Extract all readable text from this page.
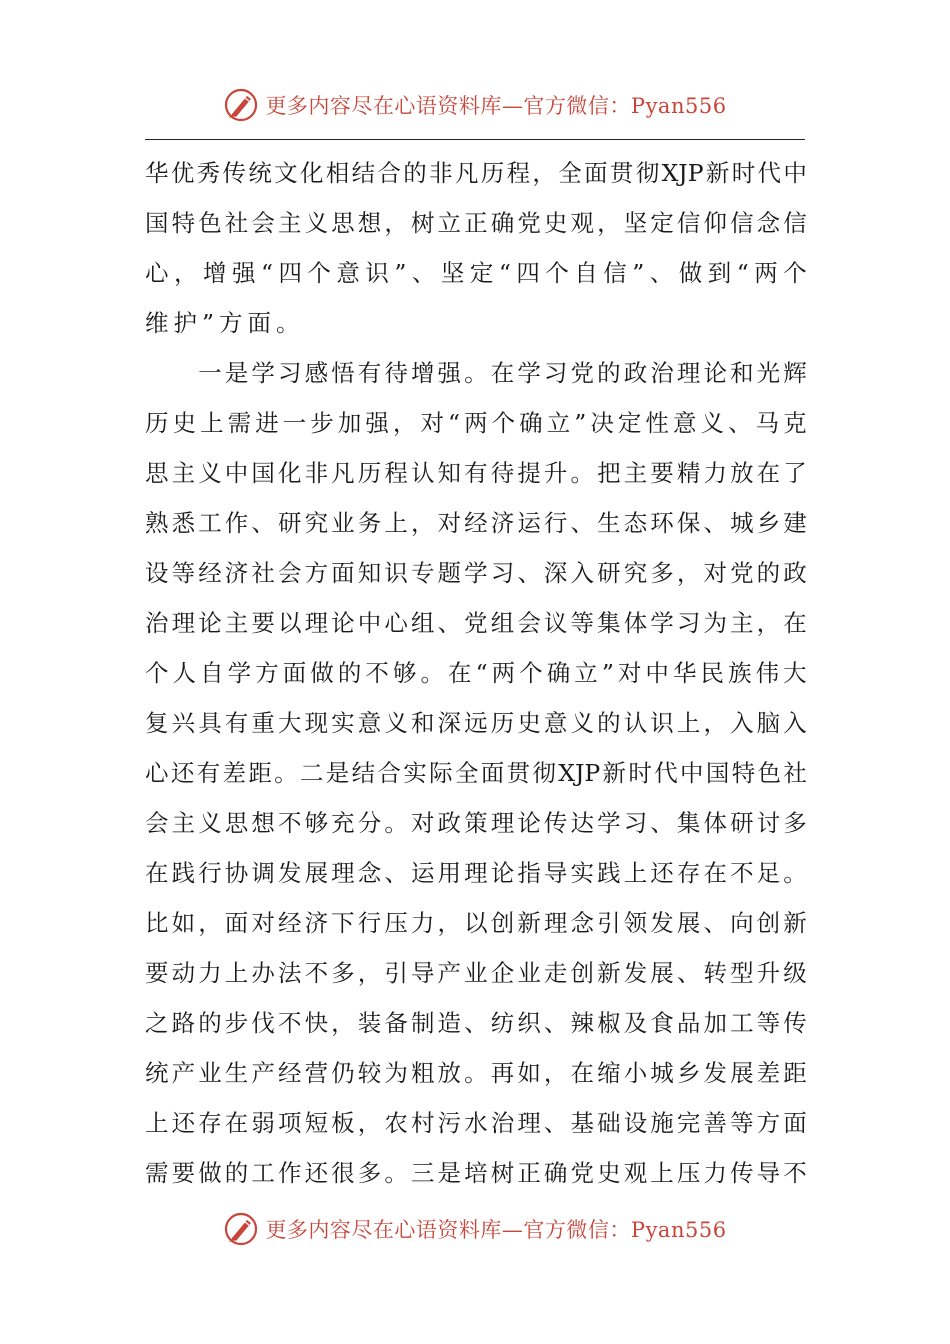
更多内容尽在心语资料库—官方微信：Pyan556
华 优 秀 传 统 文 化 相 结 合 的 非 凡 历 程 ， 全 面 贯 彻 XJP 新 时 代 中
国 特 色 社 会 主 义 思 想 ， 树 立 正 确 党 史 观 ， 坚 定 信 仰 信 念 信
心 ， 增 强 “ 四 个 意 识 ” 、 坚 定 “ 四 个 自 信 ” 、 做 到 “ 两 个
维 护 ” 方 面 。

一 是 学 习 感 悟 有 待 增 强 。 在 学 习 党 的 政 治 理 论 和 光 辉
历 史 上 需 进 一 步 加 强 ， 对 “ 两 个 确 立 ” 决 定 性 意 义 、 马 克
思 主 义 中 国 化 非 凡 历 程 认 知 有 待 提 升 。 把 主 要 精 力 放 在 了
熟 悉 工 作 、 研 究 业 务 上 ， 对 经 济 运 行 、 生 态 环 保 、 城 乡 建
设 等 经 济 社 会 方 面 知 识 专 题 学 习 、 深 入 研 究 多 ， 对 党 的 政
治 理 论 主 要 以 理 论 中 心 组 、 党 组 会 议 等 集 体 学 习 为 主 ， 在
个 人 自 学 方 面 做 的 不 够 。 在 “ 两 个 确 立 ” 对 中 华 民 族 伟 大
复 兴 具 有 重 大 现 实 意 义 和 深 远 历 史 意 义 的 认 识 上 ， 入 脑 入
心 还 有 差 距 。 二 是 结 合 实 际 全 面 贯 彻 XJP 新 时 代 中 国 特 色 社
会 主 义 思 想 不 够 充 分 。 对 政 策 理 论 传 达 学 习 、 集 体 研 讨 多
在 践 行 协 调 发 展 理 念 、 运 用 理 论 指 导 实 践 上 还 存 在 不 足 。
比 如 ， 面 对 经 济 下 行 压 力 ， 以 创 新 理 念 引 领 发 展 、 向 创 新
要 动 力 上 办 法 不 多 ， 引 导 产 业 企 业 走 创 新 发 展 、 转 型 升 级
之 路 的 步 伐 不 快 ， 装 备 制 造 、 纺 织 、 辣 椒 及 食 品 加 工 等 传
统 产 业 生 产 经 营 仍 较 为 粗 放 。 再 如 ， 在 缩 小 城 乡 发 展 差 距
上 还 存 在 弱 项 短 板 ， 农 村 污 水 治 理 、 基 础 设 施 完 善 等 方 面
需 要 做 的 工 作 还 很 多 。 三 是 培 树 正 确 党 史 观 上 压 力 传 导 不
更多内容尽在心语资料库—官方微信：Pyan556
